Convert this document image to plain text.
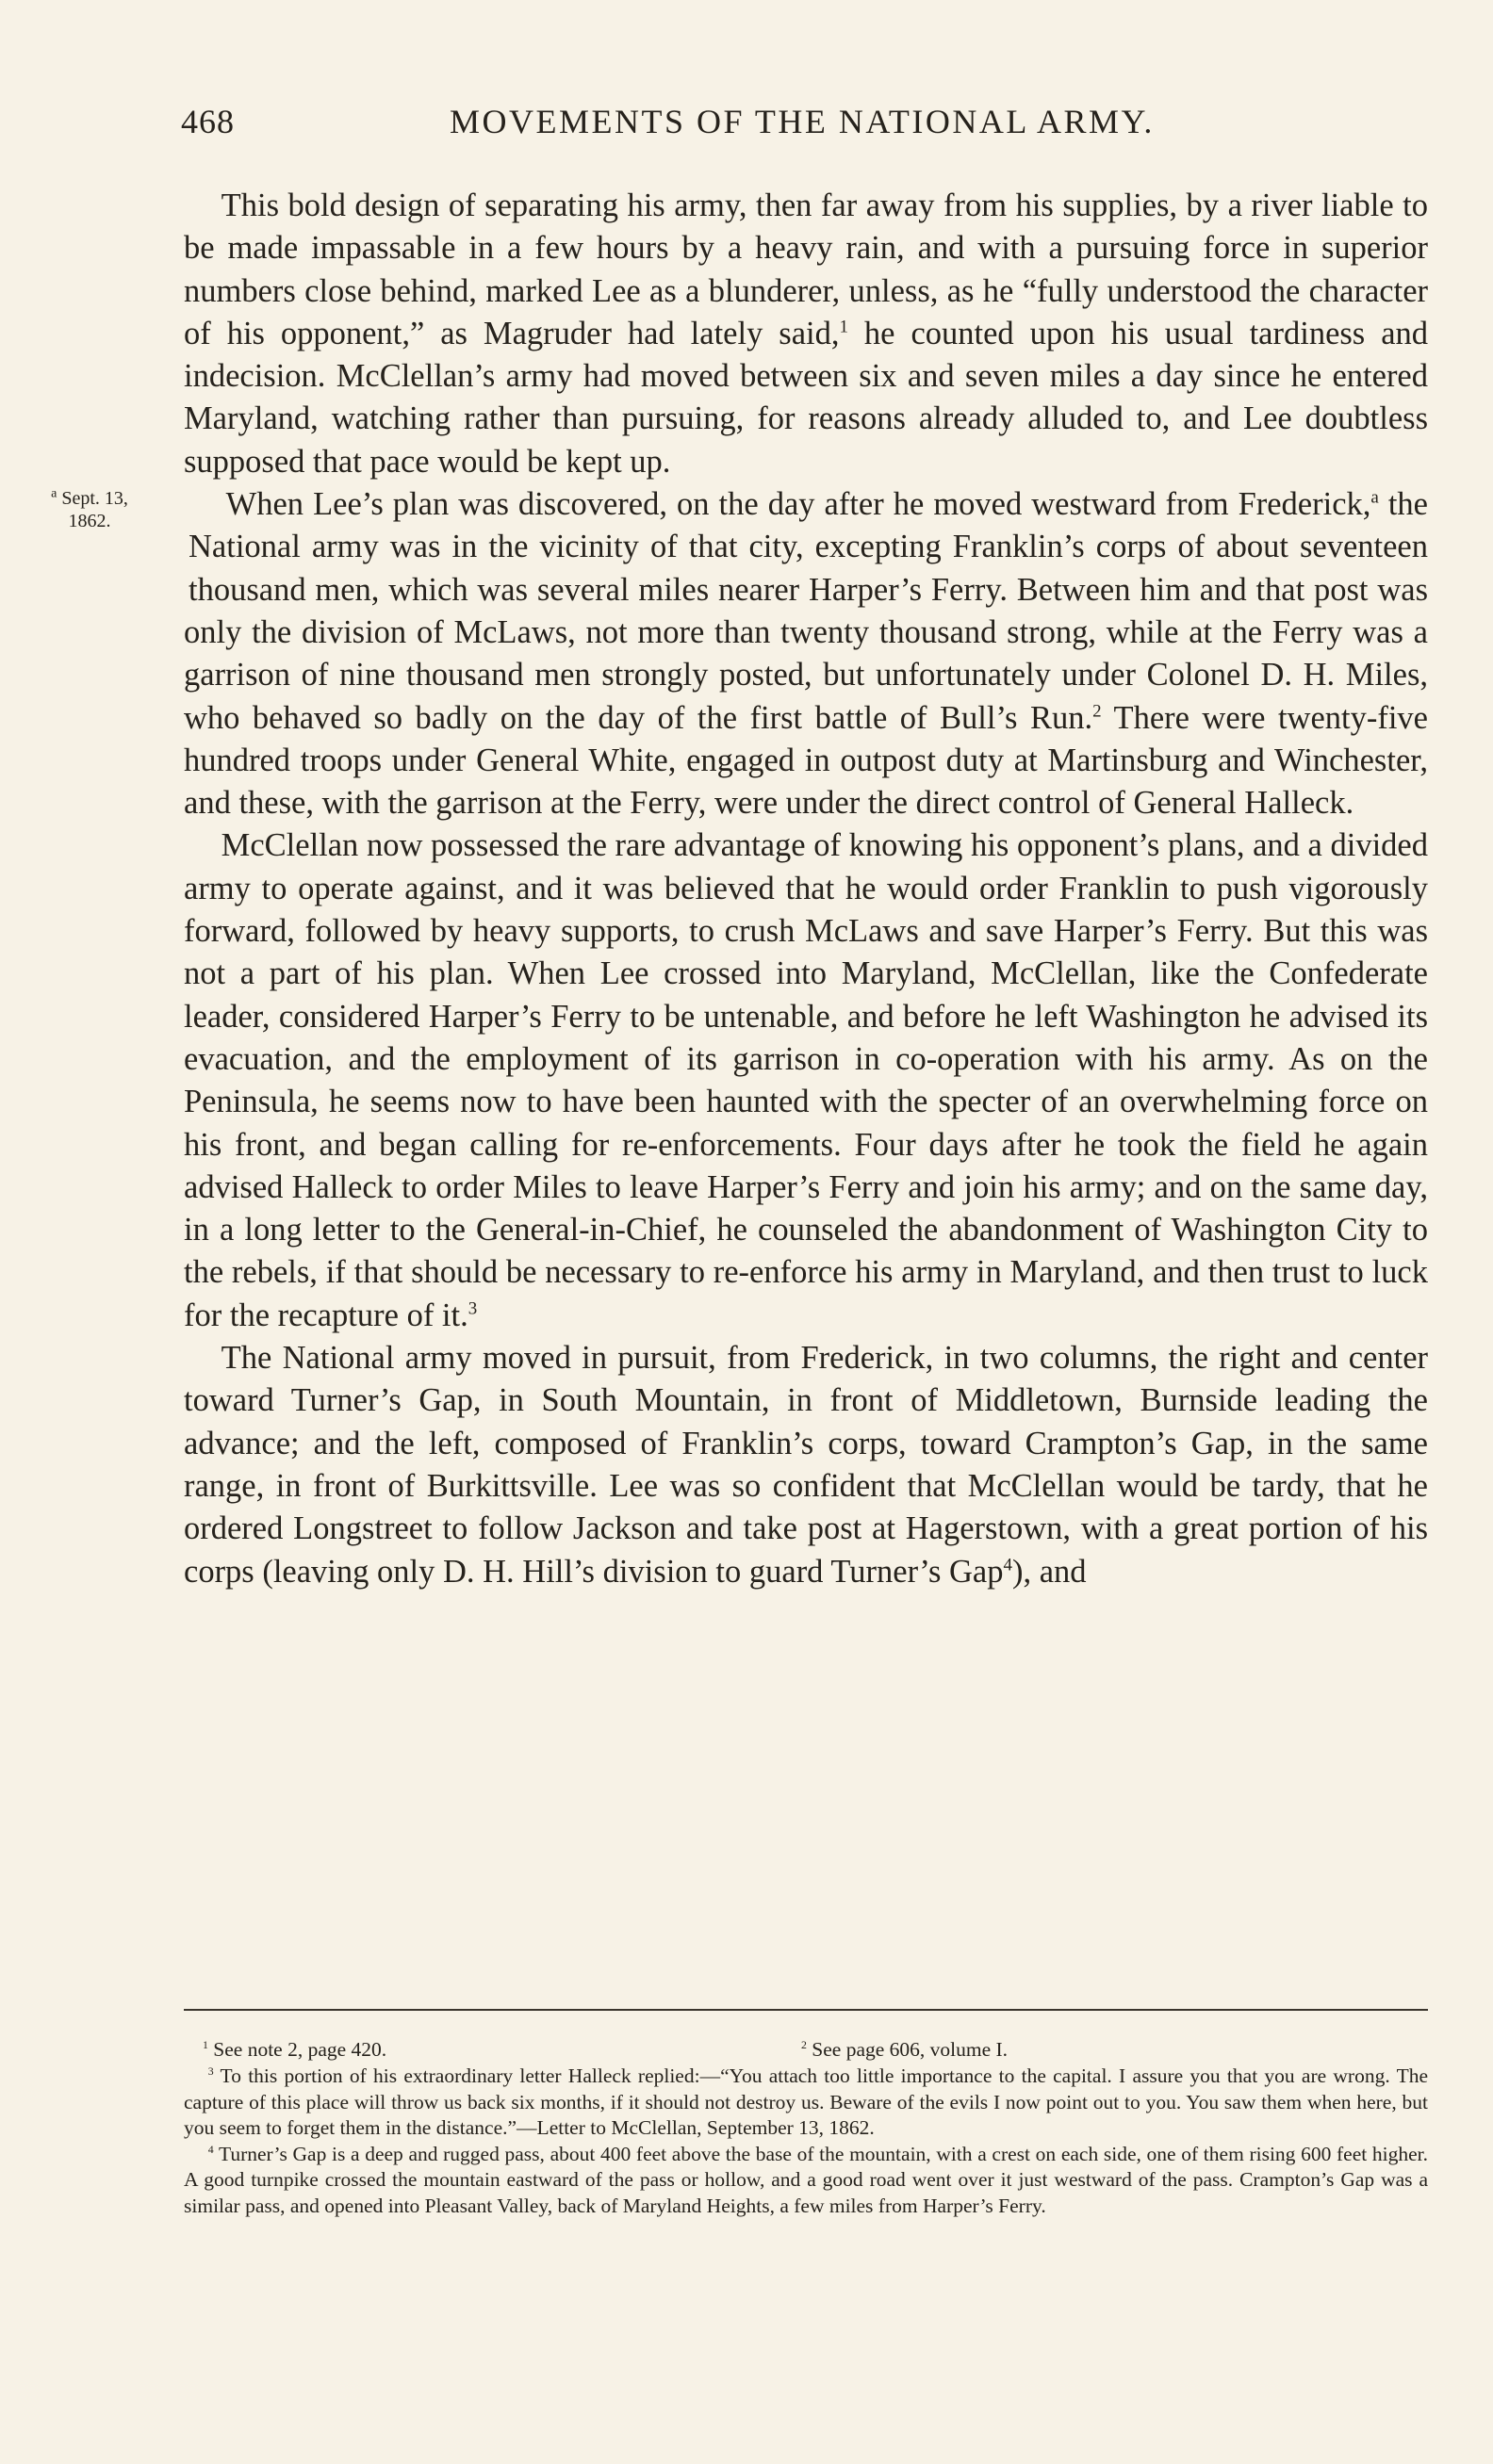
468	MOVEMENTS OF THE NATIONAL ARMY.

This bold design of separating his army, then far away from his supplies, by a river liable to be made impassable in a few hours by a heavy rain, and with a pursuing force in superior numbers close behind, marked Lee as a blunderer, unless, as he “fully understood the character of his opponent,” as Magruder had lately said,$^1$ he counted upon his usual tardiness and indecision. McClellan’s army had moved between six and seven miles a day since he entered Maryland, watching rather than pursuing, for reasons already alluded to, and Lee doubtless supposed that pace would be kept up.

When Lee’s plan was discovered, on the day after he moved westward from Frederick,$^a$
$^a$ Sept. 13,
1862.	the National army was in the vicinity of that city, excepting Franklin’s corps of about seventeen thousand men, which was several miles nearer Harper’s Ferry. Between him and that post was only the division of McLaws, not more than twenty thousand strong, while at the Ferry was a garrison of nine thousand men strongly posted, but unfortunately under Colonel D. H. Miles, who behaved so badly on the day of the first battle of Bull’s Run.$^2$ There were twenty-five hundred troops under General White, engaged in outpost duty at Martinsburg and Winchester, and these, with the garrison at the Ferry, were under the direct control of General Halleck.

McClellan now possessed the rare advantage of knowing his opponent’s plans, and a divided army to operate against, and it was believed that he would order Franklin to push vigorously forward, followed by heavy supports, to crush McLaws and save Harper’s Ferry. But this was not a part of his plan. When Lee crossed into Maryland, McClellan, like the Confederate leader, considered Harper’s Ferry to be untenable, and before he left Washington he advised its evacuation, and the employment of its garrison in co-operation with his army. As on the Peninsula, he seems now to have been haunted with the specter of an overwhelming force on his front, and began calling for re-enforcements. Four days after he took the field he again advised Halleck to order Miles to leave Harper’s Ferry and join his army; and on the same day, in a long letter to the General-in-Chief, he counseled the abandonment of Washington City to the rebels, if that should be necessary to re-enforce his army in Maryland, and then trust to luck for the recapture of it.$^3$

The National army moved in pursuit, from Frederick, in two columns, the right and center toward Turner’s Gap, in South Mountain, in front of Middletown, Burnside leading the advance; and the left, composed of Franklin’s corps, toward Crampton’s Gap, in the same range, in front of Burkittsville. Lee was so confident that McClellan would be tardy, that he ordered Longstreet to follow Jackson and take post at Hagerstown, with a great portion of his corps (leaving only D. H. Hill’s division to guard Turner’s Gap$^4$), and

$^1$ See note 2, page 420.	$^2$ See page 606, volume I.

$^3$ To this portion of his extraordinary letter Halleck replied:—“You attach too little importance to the capital. I assure you that you are wrong. The capture of this place will throw us back six months, if it should not destroy us. Beware of the evils I now point out to you. You saw them when here, but you seem to forget them in the distance.”—Letter to McClellan, September 13, 1862.

$^4$ Turner’s Gap is a deep and rugged pass, about 400 feet above the base of the mountain, with a crest on each side, one of them rising 600 feet higher. A good turnpike crossed the mountain eastward of the pass or hollow, and a good road went over it just westward of the pass. Crampton’s Gap was a similar pass, and opened into Pleasant Valley, back of Maryland Heights, a few miles from Harper’s Ferry.
